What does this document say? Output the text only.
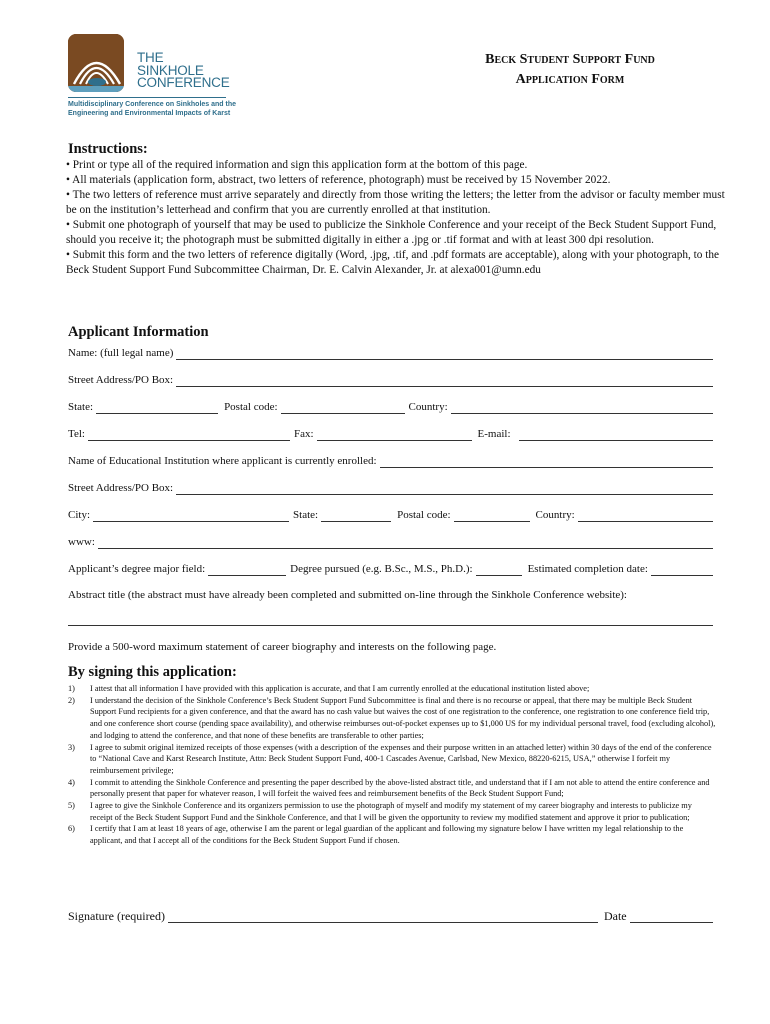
THE
SINKHOLE
CONFERENCE
Multidisciplinary Conference on Sinkholes and the Engineering and Environmental Impacts of Karst
Beck Student Support Fund
Application Form
Instructions:
• Print or type all of the required information and sign this application form at the bottom of this page.
• All materials (application form, abstract, two letters of reference, photograph) must be received by 15 November 2022.
• The two letters of reference must arrive separately and directly from those writing the letters; the letter from the advisor or faculty member must be on the institution’s letterhead and confirm that you are currently enrolled at that institution.
• Submit one photograph of yourself that may be used to publicize the Sinkhole Conference and your receipt of the Beck Student Support Fund, should you receive it; the photograph must be submitted digitally in either a .jpg or .tif format and with at least 300 dpi resolution.
• Submit this form and the two letters of reference digitally (Word, .jpg, .tif, and .pdf formats are acceptable), along with your photograph, to the Beck Student Support Fund Subcommittee Chairman, Dr. E. Calvin Alexander, Jr. at alexa001@umn.edu
Applicant Information
Name: (full legal name)
Street Address/PO Box:
State:	Postal code:	Country:
Tel:	Fax:	E-mail:
Name of Educational Institution where applicant is currently enrolled:
Street Address/PO Box:
City:	State:	Postal code:	Country:
www:
Applicant’s degree major field:	Degree pursued (e.g. B.Sc., M.S., Ph.D.):	Estimated completion date:
Abstract title (the abstract must have already been completed and submitted on-line through the Sinkhole Conference website):
Provide a 500-word maximum statement of career biography and interests on the following page.
By signing this application:
1)	I attest that all information I have provided with this application is accurate, and that I am currently enrolled at the educational institution listed above;
2)	I understand the decision of the Sinkhole Conference’s Beck Student Support Fund Subcommittee is final and there is no recourse or appeal, that there may be multiple Beck Student Support Fund recipients for a given conference, and that the award has no cash value but waives the cost of one registration to the conference, one registration to one conference field trip, and one conference short course (pending space availability), and otherwise reimburses out-of-pocket expenses up to $1,000 US for my individual personal travel, food (excluding alcohol), and lodging to attend the conference, and that none of these benefits are transferable to other parties;
3)	I agree to submit original itemized receipts of those expenses (with a description of the expenses and their purpose written in an attached letter) within 30 days of the end of the conference to “National Cave and Karst Research Institute, Attn: Beck Student Support Fund, 400-1 Cascades Avenue, Carlsbad, New Mexico, 88220-6215, USA,” otherwise I forfeit my reimbursement privilege;
4)	I commit to attending the Sinkhole Conference and presenting the paper described by the above-listed abstract title, and understand that if I am not able to attend the entire conference and personally present that paper for whatever reason, I will forfeit the waived fees and reimbursement benefits of the Beck Student Support Fund;
5)	I agree to give the Sinkhole Conference and its organizers permission to use the photograph of myself and modify my statement of my career biography and interests to publicize my receipt of the Beck Student Support Fund and the Sinkhole Conference, and that I will be given the opportunity to review my modified statement and approve it prior to publication;
6)	I certify that I am at least 18 years of age, otherwise I am the parent or legal guardian of the applicant and following my signature below I have written my legal relationship to the applicant, and that I accept all of the conditions for the Beck Student Support Fund if chosen.
Signature (required)	Date
